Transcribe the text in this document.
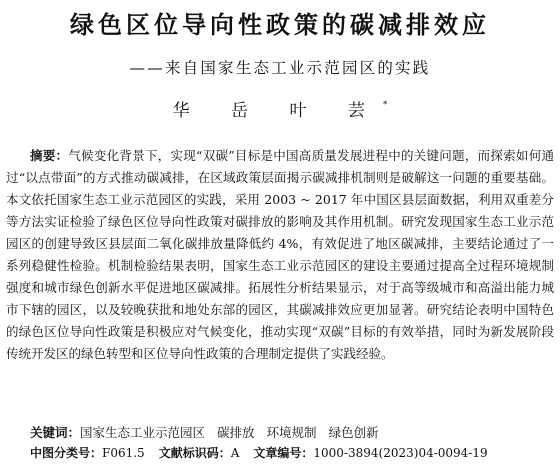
绿色区位导向性政策的碳减排效应
——来自国家生态工业示范园区的实践
华 岳 叶 芸*

摘要：气候变化背景下，实现“双碳”目标是中国高质量发展进程中的关键问题，而探索如何通过“以点带面”的方式推动碳减排，在区域政策层面揭示碳减排机制则是破解这一问题的重要基础。本文依托国家生态工业示范园区的实践，采用 2003 ~ 2017 年中国区县层面数据，利用双重差分等方法实证检验了绿色区位导向性政策对碳排放的影响及其作用机制。研究发现国家生态工业示范园区的创建导致区县层面二氧化碳排放量降低约 4%，有效促进了地区碳减排，主要结论通过了一系列稳健性检验。机制检验结果表明，国家生态工业示范园区的建设主要通过提高全过程环境规制强度和城市绿色创新水平促进地区碳减排。拓展性分析结果显示，对于高等级城市和高溢出能力城市下辖的园区，以及较晚获批和地处东部的园区，其碳减排效应更加显著。研究结论表明中国特色的绿色区位导向性政策是积极应对气候变化，推动实现“双碳”目标的有效举措，同时为新发展阶段传统开发区的绿色转型和区位导向性政策的合理制定提供了实践经验。

关键词：国家生态工业示范园区 碳排放 环境规制 绿色创新
中图分类号：F061.5 文献标识码：A 文章编号：1000-3894(2023)04-0094-19
